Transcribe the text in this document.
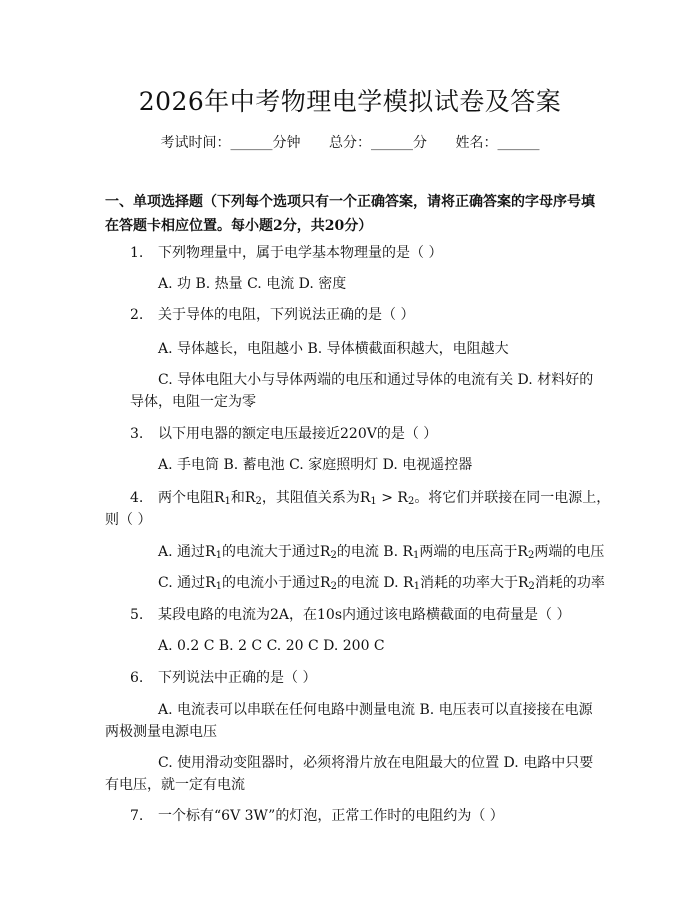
2026年中考物理电学模拟试卷及答案
考试时间：______分钟 总分：______分 姓名：______
一、单项选择题（下列每个选项只有一个正确答案，请将正确答案的字母序号填在答题卡相应位置。每小题2分，共20分）
1. 下列物理量中，属于电学基本物理量的是（ ）
A. 功 B. 热量 C. 电流 D. 密度
2. 关于导体的电阻，下列说法正确的是（ ）
A. 导体越长，电阻越小 B. 导体横截面积越大，电阻越大
C. 导体电阻大小与导体两端的电压和通过导体的电流有关 D. 材料好的
导体，电阻一定为零
3. 以下用电器的额定电压最接近220V的是（ ）
A. 手电筒 B. 蓄电池 C. 家庭照明灯 D. 电视遥控器
4. 两个电阻$R_1$和$R_2$，其阻值关系为$R_1 > R_2$。将它们并联接在同一电源上，
则（ ）
A. 通过$R_1$的电流大于通过$R_2$的电流 B. $R_1$两端的电压高于$R_2$两端的电压
C. 通过$R_1$的电流小于通过$R_2$的电流 D. $R_1$消耗的功率大于$R_2$消耗的功率
5. 某段电路的电流为2A，在10s内通过该电路横截面的电荷量是（ ）
A. 0.2 C B. 2 C C. 20 C D. 200 C
6. 下列说法中正确的是（ ）
A. 电流表可以串联在任何电路中测量电流 B. 电压表可以直接接在电源
两极测量电源电压
C. 使用滑动变阻器时，必须将滑片放在电阻最大的位置 D. 电路中只要
有电压，就一定有电流
7. 一个标有“6V 3W”的灯泡，正常工作时的电阻约为（ ）
